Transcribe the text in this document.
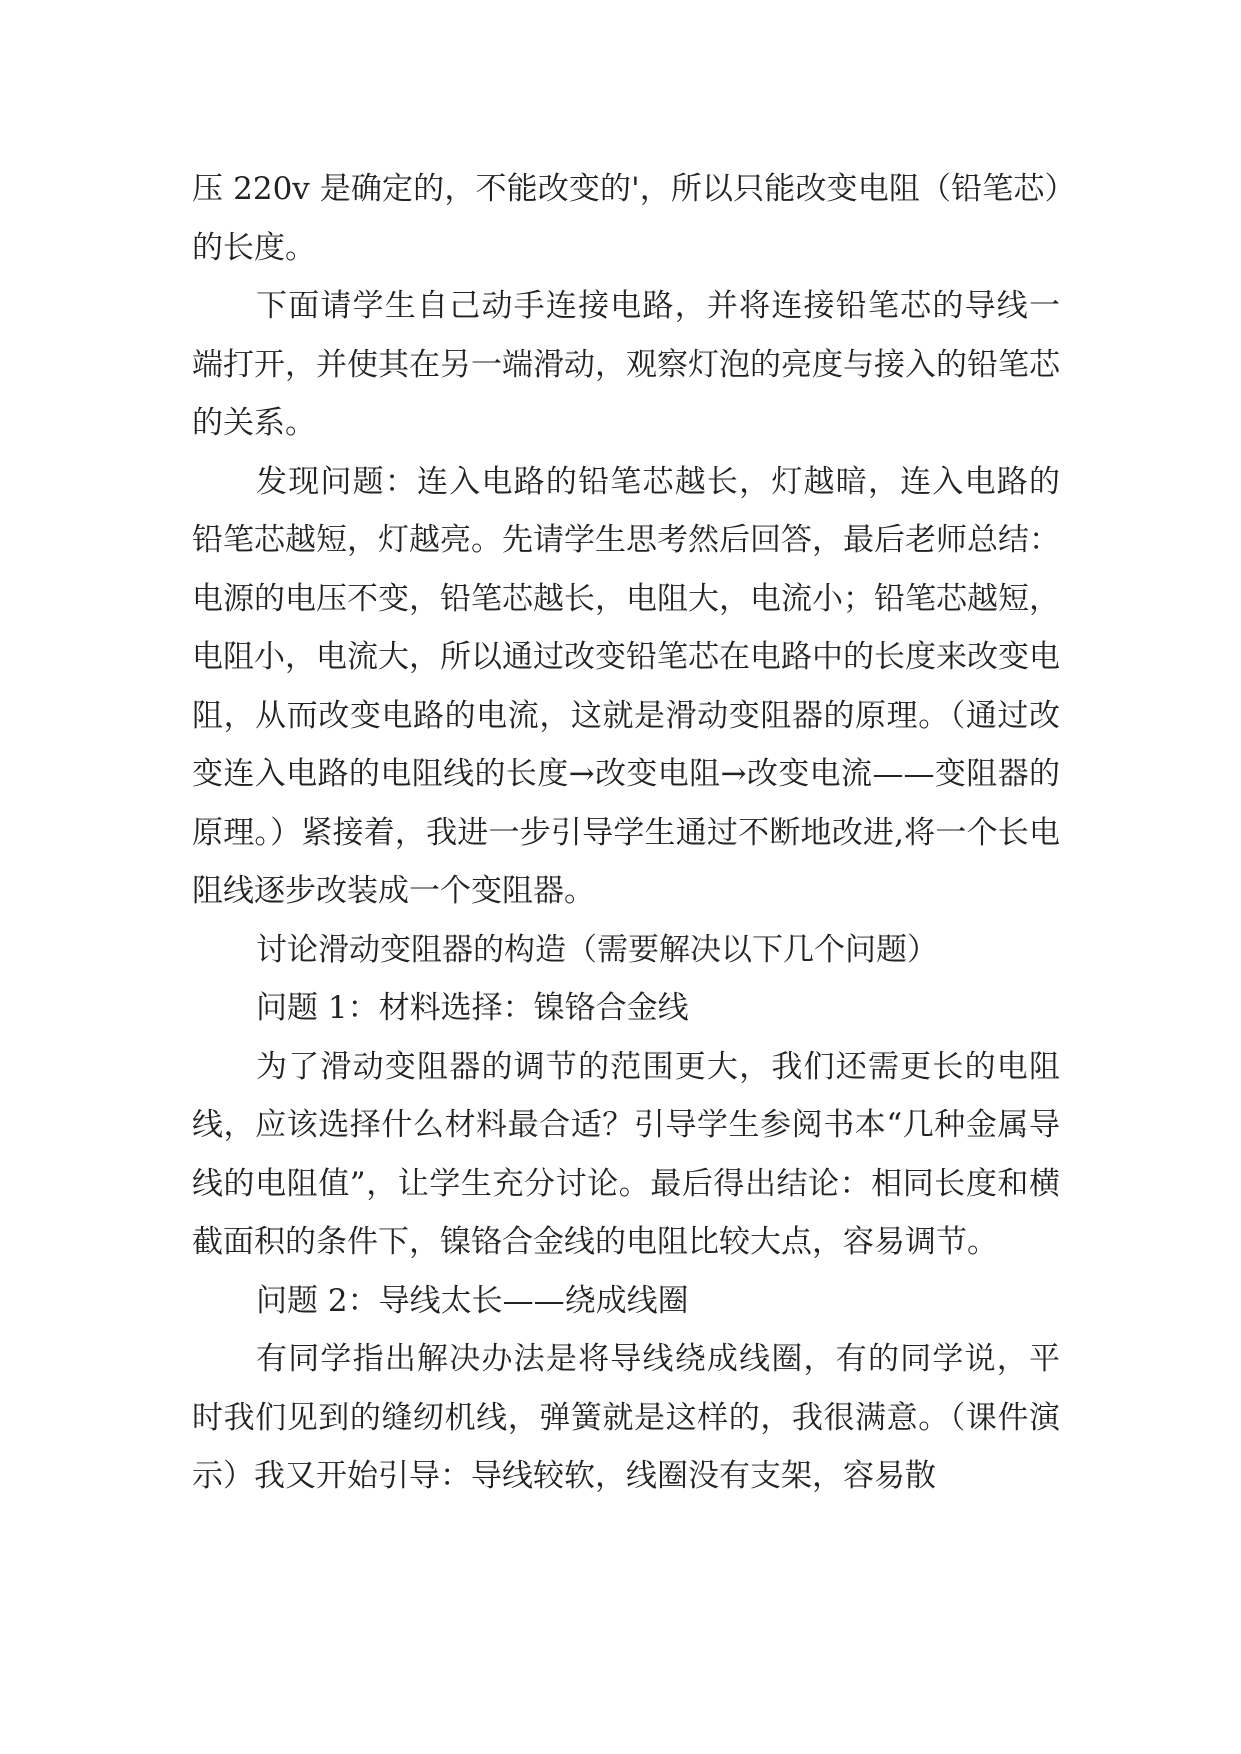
压 220v 是确定的，不能改变的'，所以只能改变电阻（铅笔芯）的长度。

下面请学生自己动手连接电路，并将连接铅笔芯的导线一端打开，并使其在另一端滑动，观察灯泡的亮度与接入的铅笔芯的关系。

发现问题：连入电路的铅笔芯越长，灯越暗，连入电路的铅笔芯越短，灯越亮。先请学生思考然后回答，最后老师总结：电源的电压不变，铅笔芯越长，电阻大，电流小；铅笔芯越短，电阻小，电流大，所以通过改变铅笔芯在电路中的长度来改变电阻，从而改变电路的电流，这就是滑动变阻器的原理。（通过改变连入电路的电阻线的长度→改变电阻→改变电流——变阻器的原理。）紧接着，我进一步引导学生通过不断地改进,将一个长电阻线逐步改装成一个变阻器。

讨论滑动变阻器的构造（需要解决以下几个问题）

问题 1：材料选择：镍铬合金线

为了滑动变阻器的调节的范围更大，我们还需更长的电阻线，应该选择什么材料最合适？引导学生参阅书本“几种金属导线的电阻值”，让学生充分讨论。最后得出结论：相同长度和横截面积的条件下，镍铬合金线的电阻比较大点，容易调节。

问题 2：导线太长——绕成线圈

有同学指出解决办法是将导线绕成线圈，有的同学说，平时我们见到的缝纫机线，弹簧就是这样的，我很满意。（课件演示）我又开始引导：导线较软，线圈没有支架，容易散
